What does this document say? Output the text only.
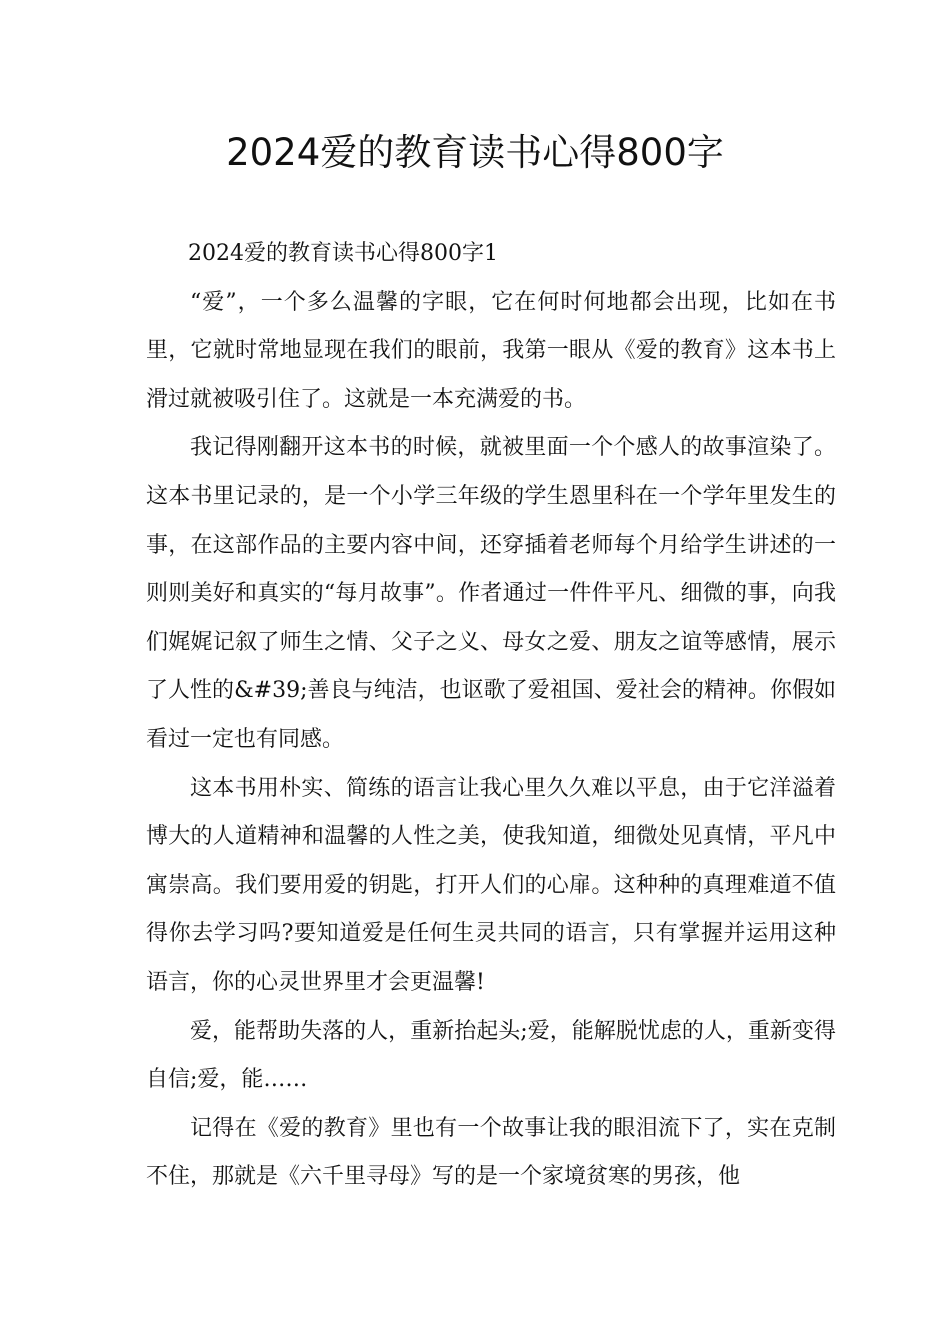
2024爱的教育读书心得800字

2024爱的教育读书心得800字1

“爱”，一个多么温馨的字眼，它在何时何地都会出现，比如在书里，它就时常地显现在我们的眼前，我第一眼从《爱的教育》这本书上滑过就被吸引住了。这就是一本充满爱的书。

我记得刚翻开这本书的时候，就被里面一个个感人的故事渲染了。这本书里记录的，是一个小学三年级的学生恩里科在一个学年里发生的事，在这部作品的主要内容中间，还穿插着老师每个月给学生讲述的一则则美好和真实的“每月故事”。作者通过一件件平凡、细微的事，向我们娓娓记叙了师生之情、父子之义、母女之爱、朋友之谊等感情，展示了人性的&#39;善良与纯洁，也讴歌了爱祖国、爱社会的精神。你假如看过一定也有同感。

这本书用朴实、简练的语言让我心里久久难以平息，由于它洋溢着博大的人道精神和温馨的人性之美，使我知道，细微处见真情，平凡中寓崇高。我们要用爱的钥匙，打开人们的心扉。这种种的真理难道不值得你去学习吗?要知道爱是任何生灵共同的语言，只有掌握并运用这种语言，你的心灵世界里才会更温馨!

爱，能帮助失落的人，重新抬起头;爱，能解脱忧虑的人，重新变得自信;爱，能……

记得在《爱的教育》里也有一个故事让我的眼泪流下了，实在克制不住，那就是《六千里寻母》写的是一个家境贫寒的男孩，他
